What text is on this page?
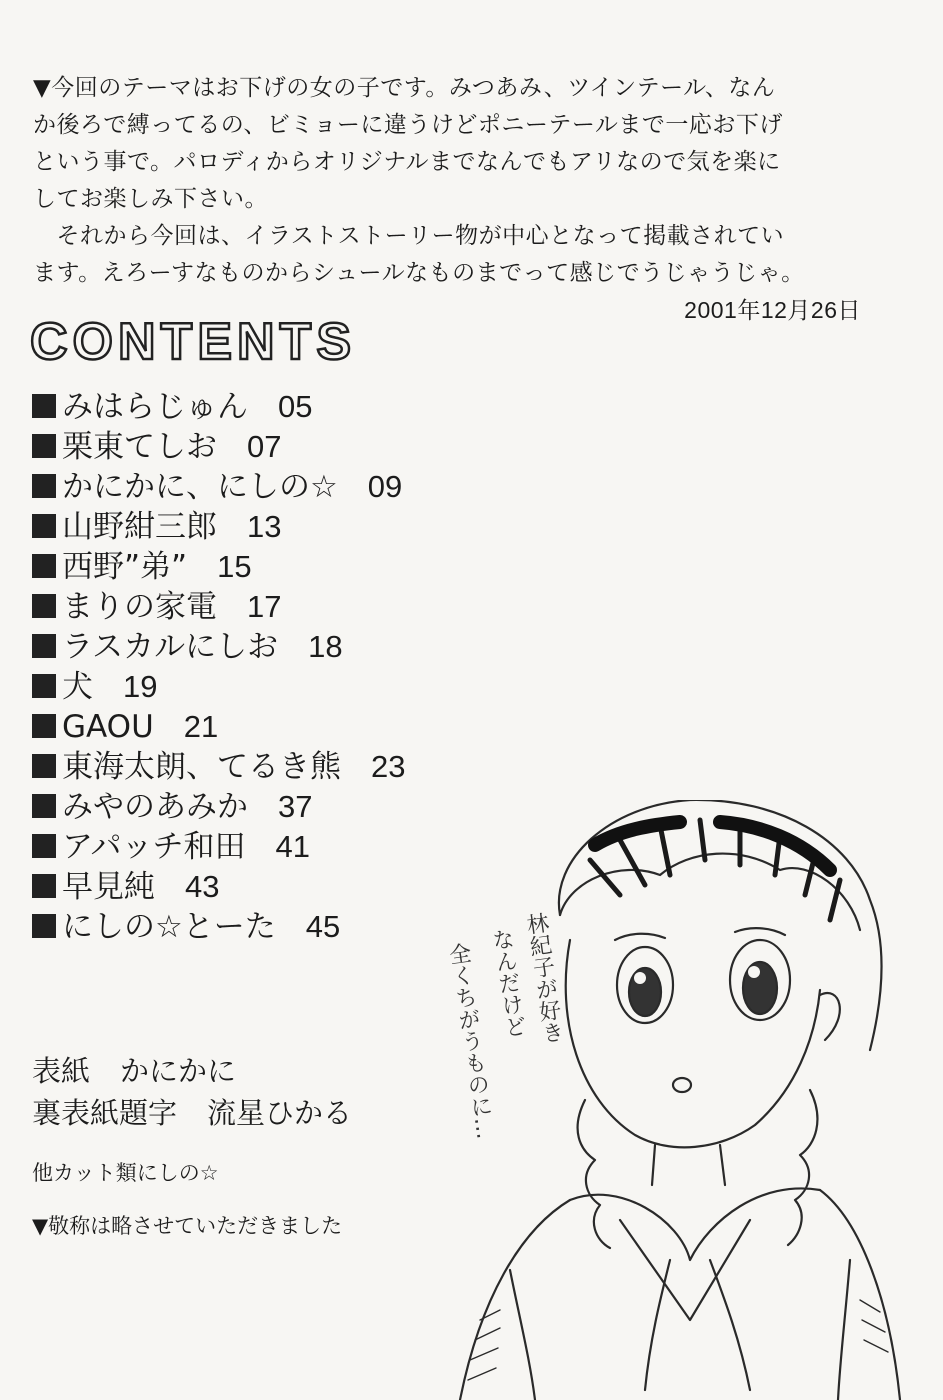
▼今回のテーマはお下げの女の子です。みつあみ、ツインテール、なん

か後ろで縛ってるの、ビミョーに違うけどポニーテールまで一応お下げ

という事で。パロディからオリジナルまでなんでもアリなので気を楽に

してお楽しみ下さい。

　それから今回は、イラストストーリー物が中心となって掲載されてい

ます。えろーすなものからシュールなものまでって感じでうじゃうじゃ。

2001年12月26日

CONTENTS
みはらじゅん 05
栗東てしお 07
かにかに、にしの☆ 09
山野紺三郎 13
西野”弟” 15
まりの家電 17
ラスカルにしお 18
犬 19
GAOU 21
東海太朗、てるき熊 23
みやのあみか 37
アパッチ和田 41
早見純 43
にしの☆とーた 45
表紙 かにかに
裏表紙題字 流星ひかる
他カット類にしの☆
▼敬称は略させていただきました
林紀子が好き
なんだけど
全くちがうものに…
